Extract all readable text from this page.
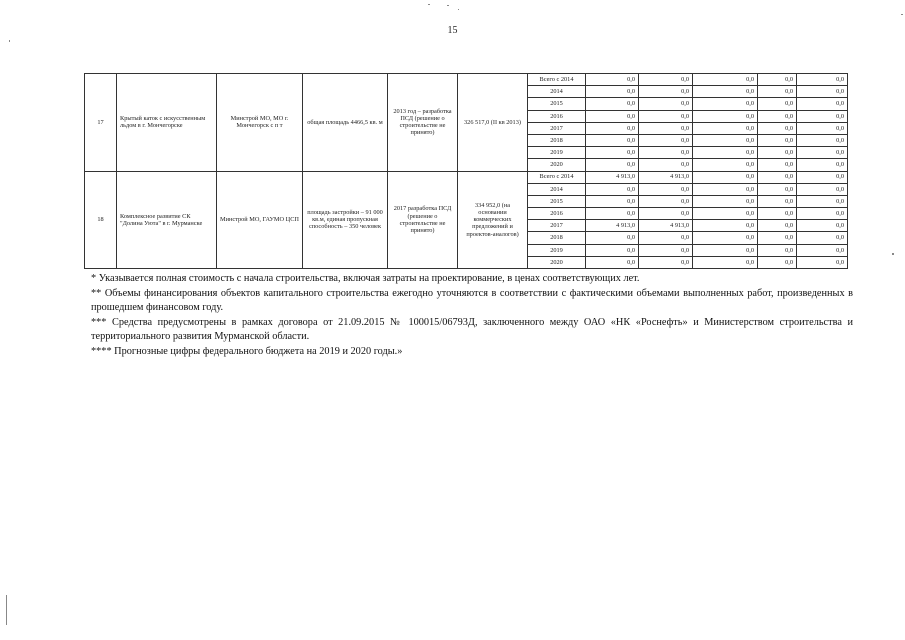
15
17	Крытый каток с искусственным льдом в г. Мончегорске	Минстрой МО, МО г. Мончегорск с п т	общая площадь 4466,5 кв. м	2013 год – разработка ПСД (решение о строительстве не принято)	326 517,0 (II кв 2013)	Всего с 2014	0,0	0,0	0,0	0,0	0,0
						2014	0,0	0,0	0,0	0,0	0,0
						2015	0,0	0,0	0,0	0,0	0,0
						2016	0,0	0,0	0,0	0,0	0,0
						2017	0,0	0,0	0,0	0,0	0,0
						2018	0,0	0,0	0,0	0,0	0,0
						2019	0,0	0,0	0,0	0,0	0,0
						2020	0,0	0,0	0,0	0,0	0,0
18	Комплексное развитие СК "Долина Уюта" в г. Мурманске	Минстрой МО, ГАУМО ЦСП	площадь застройки – 91 000 кв.м, единая пропускная способность – 350 человек	2017 разработка ПСД (решение о строительстве не принято)	334 952,0 (на основании коммерческих предложений и проектов-аналогов)	Всего с 2014	4 913,0	4 913,0	0,0	0,0	0,0
						2014	0,0	0,0	0,0	0,0	0,0
						2015	0,0	0,0	0,0	0,0	0,0
						2016	0,0	0,0	0,0	0,0	0,0
						2017	4 913,0	4 913,0	0,0	0,0	0,0
						2018	0,0	0,0	0,0	0,0	0,0
						2019	0,0	0,0	0,0	0,0	0,0
						2020	0,0	0,0	0,0	0,0	0,0

* Указывается полная стоимость с начала строительства, включая затраты на проектирование, в ценах соответствующих лет.

** Объемы финансирования объектов капитального строительства ежегодно уточняются в соответствии с фактическими объемами выполненных работ, произведенных в прошедшем финансовом году.

*** Средства предусмотрены в рамках договора от 21.09.2015 № 100015/06793Д, заключенного между ОАО «НК «Роснефть» и Министерством строительства и территориального развития Мурманской области.

**** Прогнозные цифры федерального бюджета на 2019 и 2020 годы.»
